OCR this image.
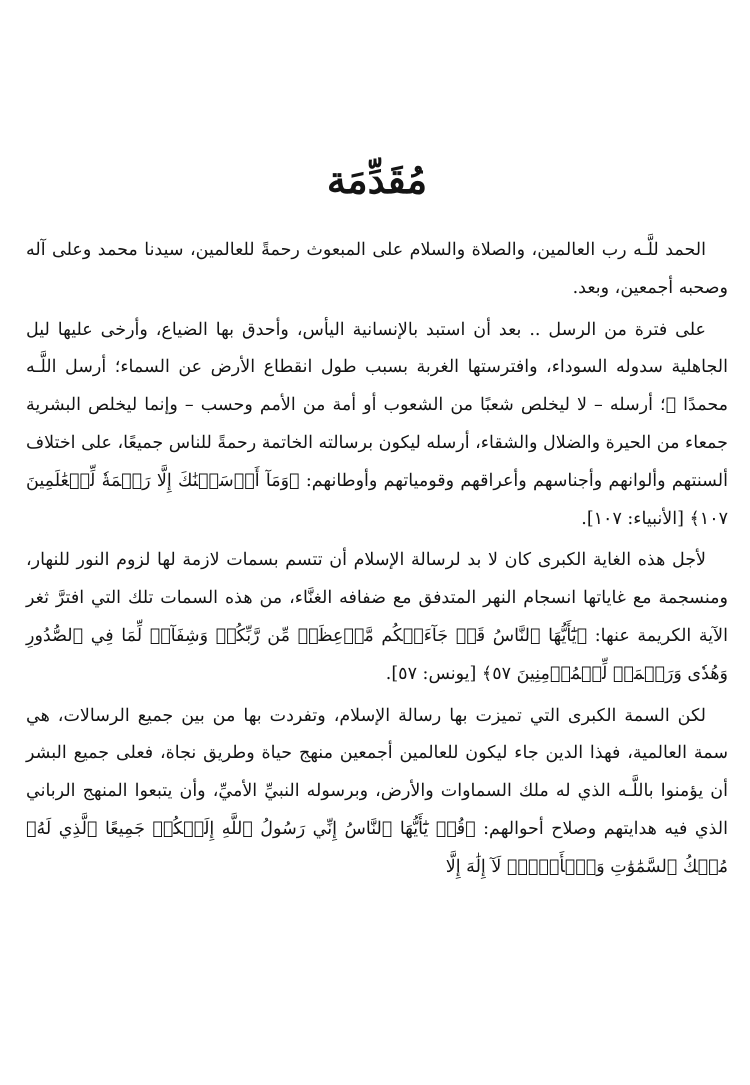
مُقَدِّمَة

الحمد للَّـه رب العالمين، والصلاة والسلام على المبعوث رحمةً للعالمين، سيدنا محمد وعلى آله وصحبه أجمعين، وبعد.

على فترة من الرسل .. بعد أن استبد بالإنسانية اليأس، وأحدق بها الضياع، وأرخى عليها ليل الجاهلية سدوله السوداء، وافترستها الغربة بسبب طول انقطاع الأرض عن السماء؛ أرسل اللَّـه محمدًا ﷺ؛ أرسله – لا ليخلص شعبًا من الشعوب أو أمة من الأمم وحسب – وإنما ليخلص البشرية جمعاء من الحيرة والضلال والشقاء، أرسله ليكون برسالته الخاتمة رحمةً للناس جميعًا، على اختلاف ألسنتهم وألوانهم وأجناسهم وأعراقهم وقومياتهم وأوطانهم: ﴿وَمَآ أَرۡسَلۡنَٰكَ إِلَّا رَحۡمَةٗ لِّلۡعَٰلَمِينَ ١٠٧﴾ [الأنبياء: ١٠٧].

لأجل هذه الغاية الكبرى كان لا بد لرسالة الإسلام أن تتسم بسمات لازمة لها لزوم النور للنهار، ومنسجمة مع غاياتها انسجام النهر المتدفق مع ضفافه الغنَّاء، من هذه السمات تلك التي افترَّ ثغر الآية الكريمة عنها: ﴿يَٰٓأَيُّهَا ٱلنَّاسُ قَدۡ جَآءَتۡكُم مَّوۡعِظَةٞ مِّن رَّبِّكُمۡ وَشِفَآءٞ لِّمَا فِي ٱلصُّدُورِ وَهُدٗى وَرَحۡمَةٞ لِّلۡمُؤۡمِنِينَ ٥٧﴾ [يونس: ٥٧].

لكن السمة الكبرى التي تميزت بها رسالة الإسلام، وتفردت بها من بين جميع الرسالات، هي سمة العالمية، فهذا الدين جاء ليكون للعالمين أجمعين منهج حياة وطريق نجاة، فعلى جميع البشر أن يؤمنوا باللَّـه الذي له ملك السماوات والأرض، وبرسوله النبيِّ الأميِّ، وأن يتبعوا المنهج الرباني الذي فيه هدايتهم وصلاح أحوالهم: ﴿قُلۡ يَٰٓأَيُّهَا ٱلنَّاسُ إِنِّي رَسُولُ ٱللَّهِ إِلَيۡكُمۡ جَمِيعًا ٱلَّذِي لَهُۥ مُلۡكُ ٱلسَّمَٰوَٰتِ وَٱلۡأَرۡضِۖ لَآ إِلَٰهَ إِلَّا
